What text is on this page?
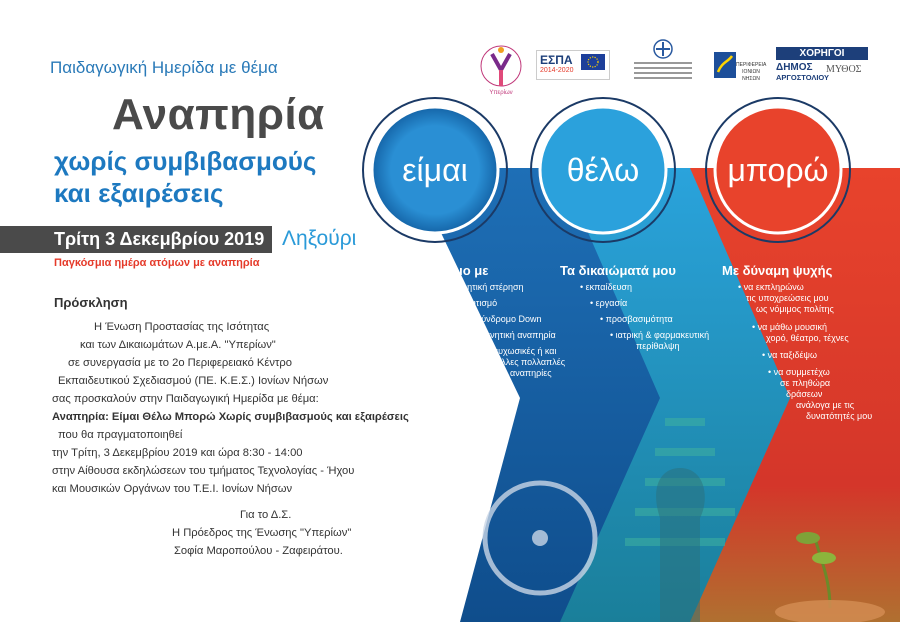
είμαι	θέλω	μπορώ
Άτομο με
• νοητική στέρηση
• αυτισμό
• σύνδρομο Down
• κινητική αναπηρία
• ψυχωσικές ή και
άλλες πολλαπλές
αναπηρίες
Τα δικαιώματά μου
• εκπαίδευση
• εργασία
• προσβασιμότητα
• ιατρική & φαρμακευτική
περίθαλψη
Με δύναμη ψυχής
• να εκπληρώνω
τις υποχρεώσεις μου
ως νόμιμος πολίτης
• να μάθω μουσική
χορό, θέατρο, τέχνες
• να ταξιδέψω
• να συμμετέχω
σε πληθώρα
δράσεων
ανάλογα με τις
δυνατότητές μου
Υπερίων
ΕΣΠΑ
2014-2020
ΠΕΡΙΦΕΡΕΙΑ ΙΟΝΙΩΝ ΝΗΣΩΝ
ΧΟΡΗΓΟΙ
ΔΗΜΟΣ
ΑΡΓΟΣΤΟΛΙΟΥ
ΜΥΘΟΣ
Παιδαγωγική Ημερίδα με θέμα
Αναπηρία
χωρίς συμβιβασμούς
και εξαιρέσεις
Τρίτη 3 Δεκεμβρίου 2019 Ληξούρι
Παγκόσμια ημέρα ατόμων με αναπηρία
Πρόσκληση
Η Ένωση Προστασίας της Ισότητας
και των Δικαιωμάτων Α.με.Α. "Υπερίων"
σε συνεργασία με το 2ο Περιφερειακό Κέντρο
Εκπαιδευτικού Σχεδιασμού (ΠΕ. Κ.Ε.Σ.) Ιονίων Νήσων
σας προσκαλούν στην Παιδαγωγική Ημερίδα με θέμα:
Αναπηρία: Είμαι Θέλω Μπορώ Χωρίς συμβιβασμούς και εξαιρέσεις
που θα πραγματοποιηθεί
την Τρίτη, 3 Δεκεμβρίου 2019 και ώρα 8:30 - 14:00
στην Αίθουσα εκδηλώσεων του τμήματος Τεχνολογίας - Ήχου
και Μουσικών Οργάνων του Τ.Ε.Ι. Ιονίων Νήσων
Για το Δ.Σ.
Η Πρόεδρος της Ένωσης "Υπερίων"
Σοφία Μαροπούλου - Ζαφειράτου.
